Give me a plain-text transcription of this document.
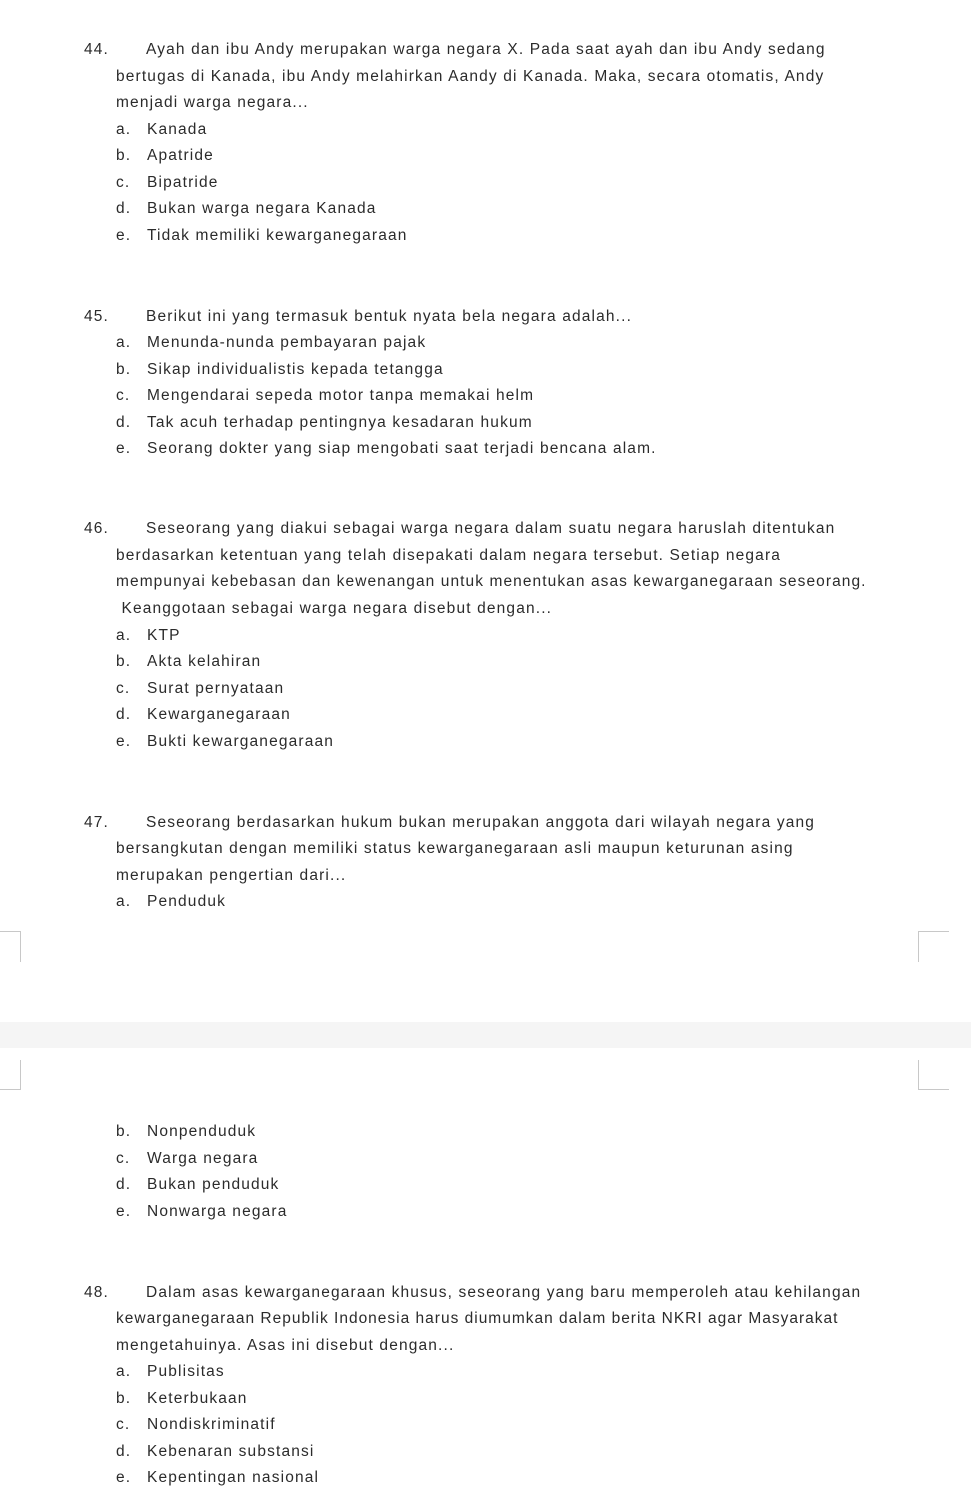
44. Ayah dan ibu Andy merupakan warga negara X. Pada saat ayah dan ibu Andy sedang
bertugas di Kanada, ibu Andy melahirkan Aandy di Kanada. Maka, secara otomatis, Andy
menjadi warga negara...
a. Kanada
b. Apatride
c. Bipatride
d. Bukan warga negara Kanada
e. Tidak memiliki kewarganegaraan
45. Berikut ini yang termasuk bentuk nyata bela negara adalah...
a. Menunda-nunda pembayaran pajak
b. Sikap individualistis kepada tetangga
c. Mengendarai sepeda motor tanpa memakai helm
d. Tak acuh terhadap pentingnya kesadaran hukum
e. Seorang dokter yang siap mengobati saat terjadi bencana alam.
46. Seseorang yang diakui sebagai warga negara dalam suatu negara haruslah ditentukan
berdasarkan ketentuan yang telah disepakati dalam negara tersebut. Setiap negara
mempunyai kebebasan dan kewenangan untuk menentukan asas kewarganegaraan seseorang.
Keanggotaan sebagai warga negara disebut dengan...
a. KTP
b. Akta kelahiran
c. Surat pernyataan
d. Kewarganegaraan
e. Bukti kewarganegaraan
47. Seseorang berdasarkan hukum bukan merupakan anggota dari wilayah negara yang
bersangkutan dengan memiliki status kewarganegaraan asli maupun keturunan asing
merupakan pengertian dari...
a. Penduduk
b. Nonpenduduk
c. Warga negara
d. Bukan penduduk
e. Nonwarga negara
48. Dalam asas kewarganegaraan khusus, seseorang yang baru memperoleh atau kehilangan
kewarganegaraan Republik Indonesia harus diumumkan dalam berita NKRI agar Masyarakat
mengetahuinya. Asas ini disebut dengan...
a. Publisitas
b. Keterbukaan
c. Nondiskriminatif
d. Kebenaran substansi
e. Kepentingan nasional
